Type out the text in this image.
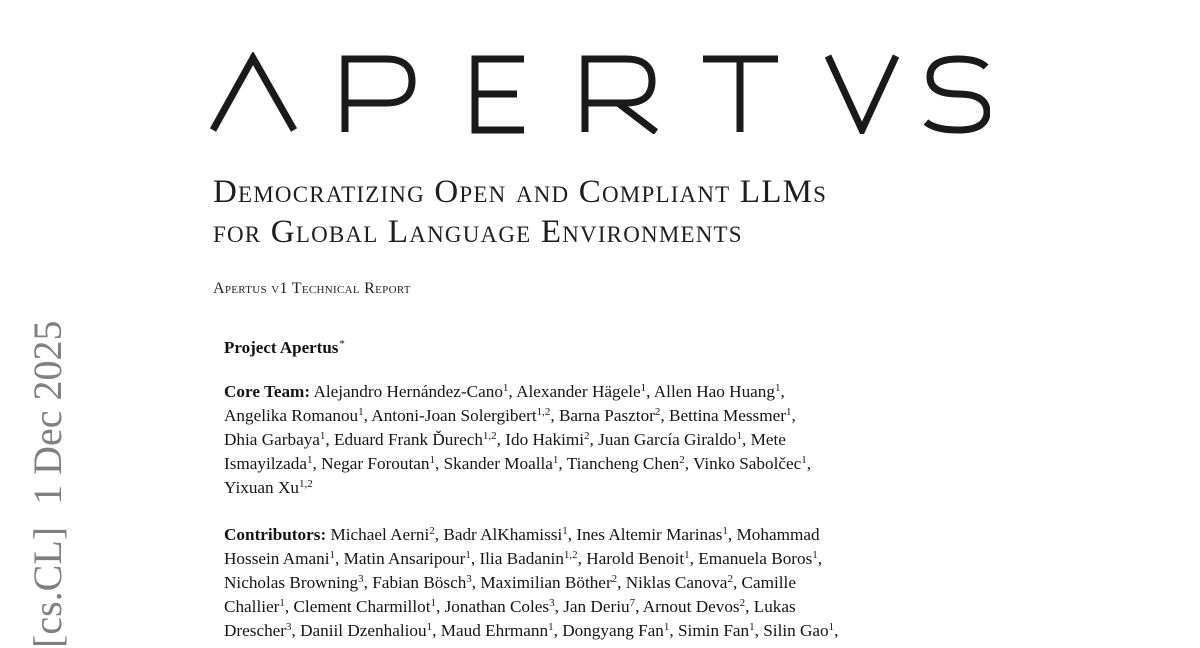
Democratizing Open and Compliant LLMs
for Global Language Environments
Apertus v1 Technical Report
Project Apertus*
Core Team: Alejandro Hernández-Cano$^1$, Alexander Hägele$^1$, Allen Hao Huang$^1$,
Angelika Romanou$^1$, Antoni-Joan Solergibert$^{1,2}$, Barna Pasztor$^2$, Bettina Messmer$^1$,
Dhia Garbaya$^1$, Eduard Frank Ďurech$^{1,2}$, Ido Hakimi$^2$, Juan García Giraldo$^1$, Mete
Ismayilzada$^1$, Negar Foroutan$^1$, Skander Moalla$^1$, Tiancheng Chen$^2$, Vinko Sabolčec$^1$,
Yixuan Xu$^{1,2}$
Contributors: Michael Aerni$^2$, Badr AlKhamissi$^1$, Ines Altemir Marinas$^1$, Mohammad
Hossein Amani$^1$, Matin Ansaripour$^1$, Ilia Badanin$^{1,2}$, Harold Benoit$^1$, Emanuela Boros$^1$,
Nicholas Browning$^3$, Fabian Bösch$^3$, Maximilian Böther$^2$, Niklas Canova$^2$, Camille
Challier$^1$, Clement Charmillot$^1$, Jonathan Coles$^3$, Jan Deriu$^7$, Arnout Devos$^2$, Lukas
Drescher$^3$, Daniil Dzenhaliou$^1$, Maud Ehrmann$^1$, Dongyang Fan$^1$, Simin Fan$^1$, Silin Gao$^1$,
[cs.CL]1 Dec 2025
